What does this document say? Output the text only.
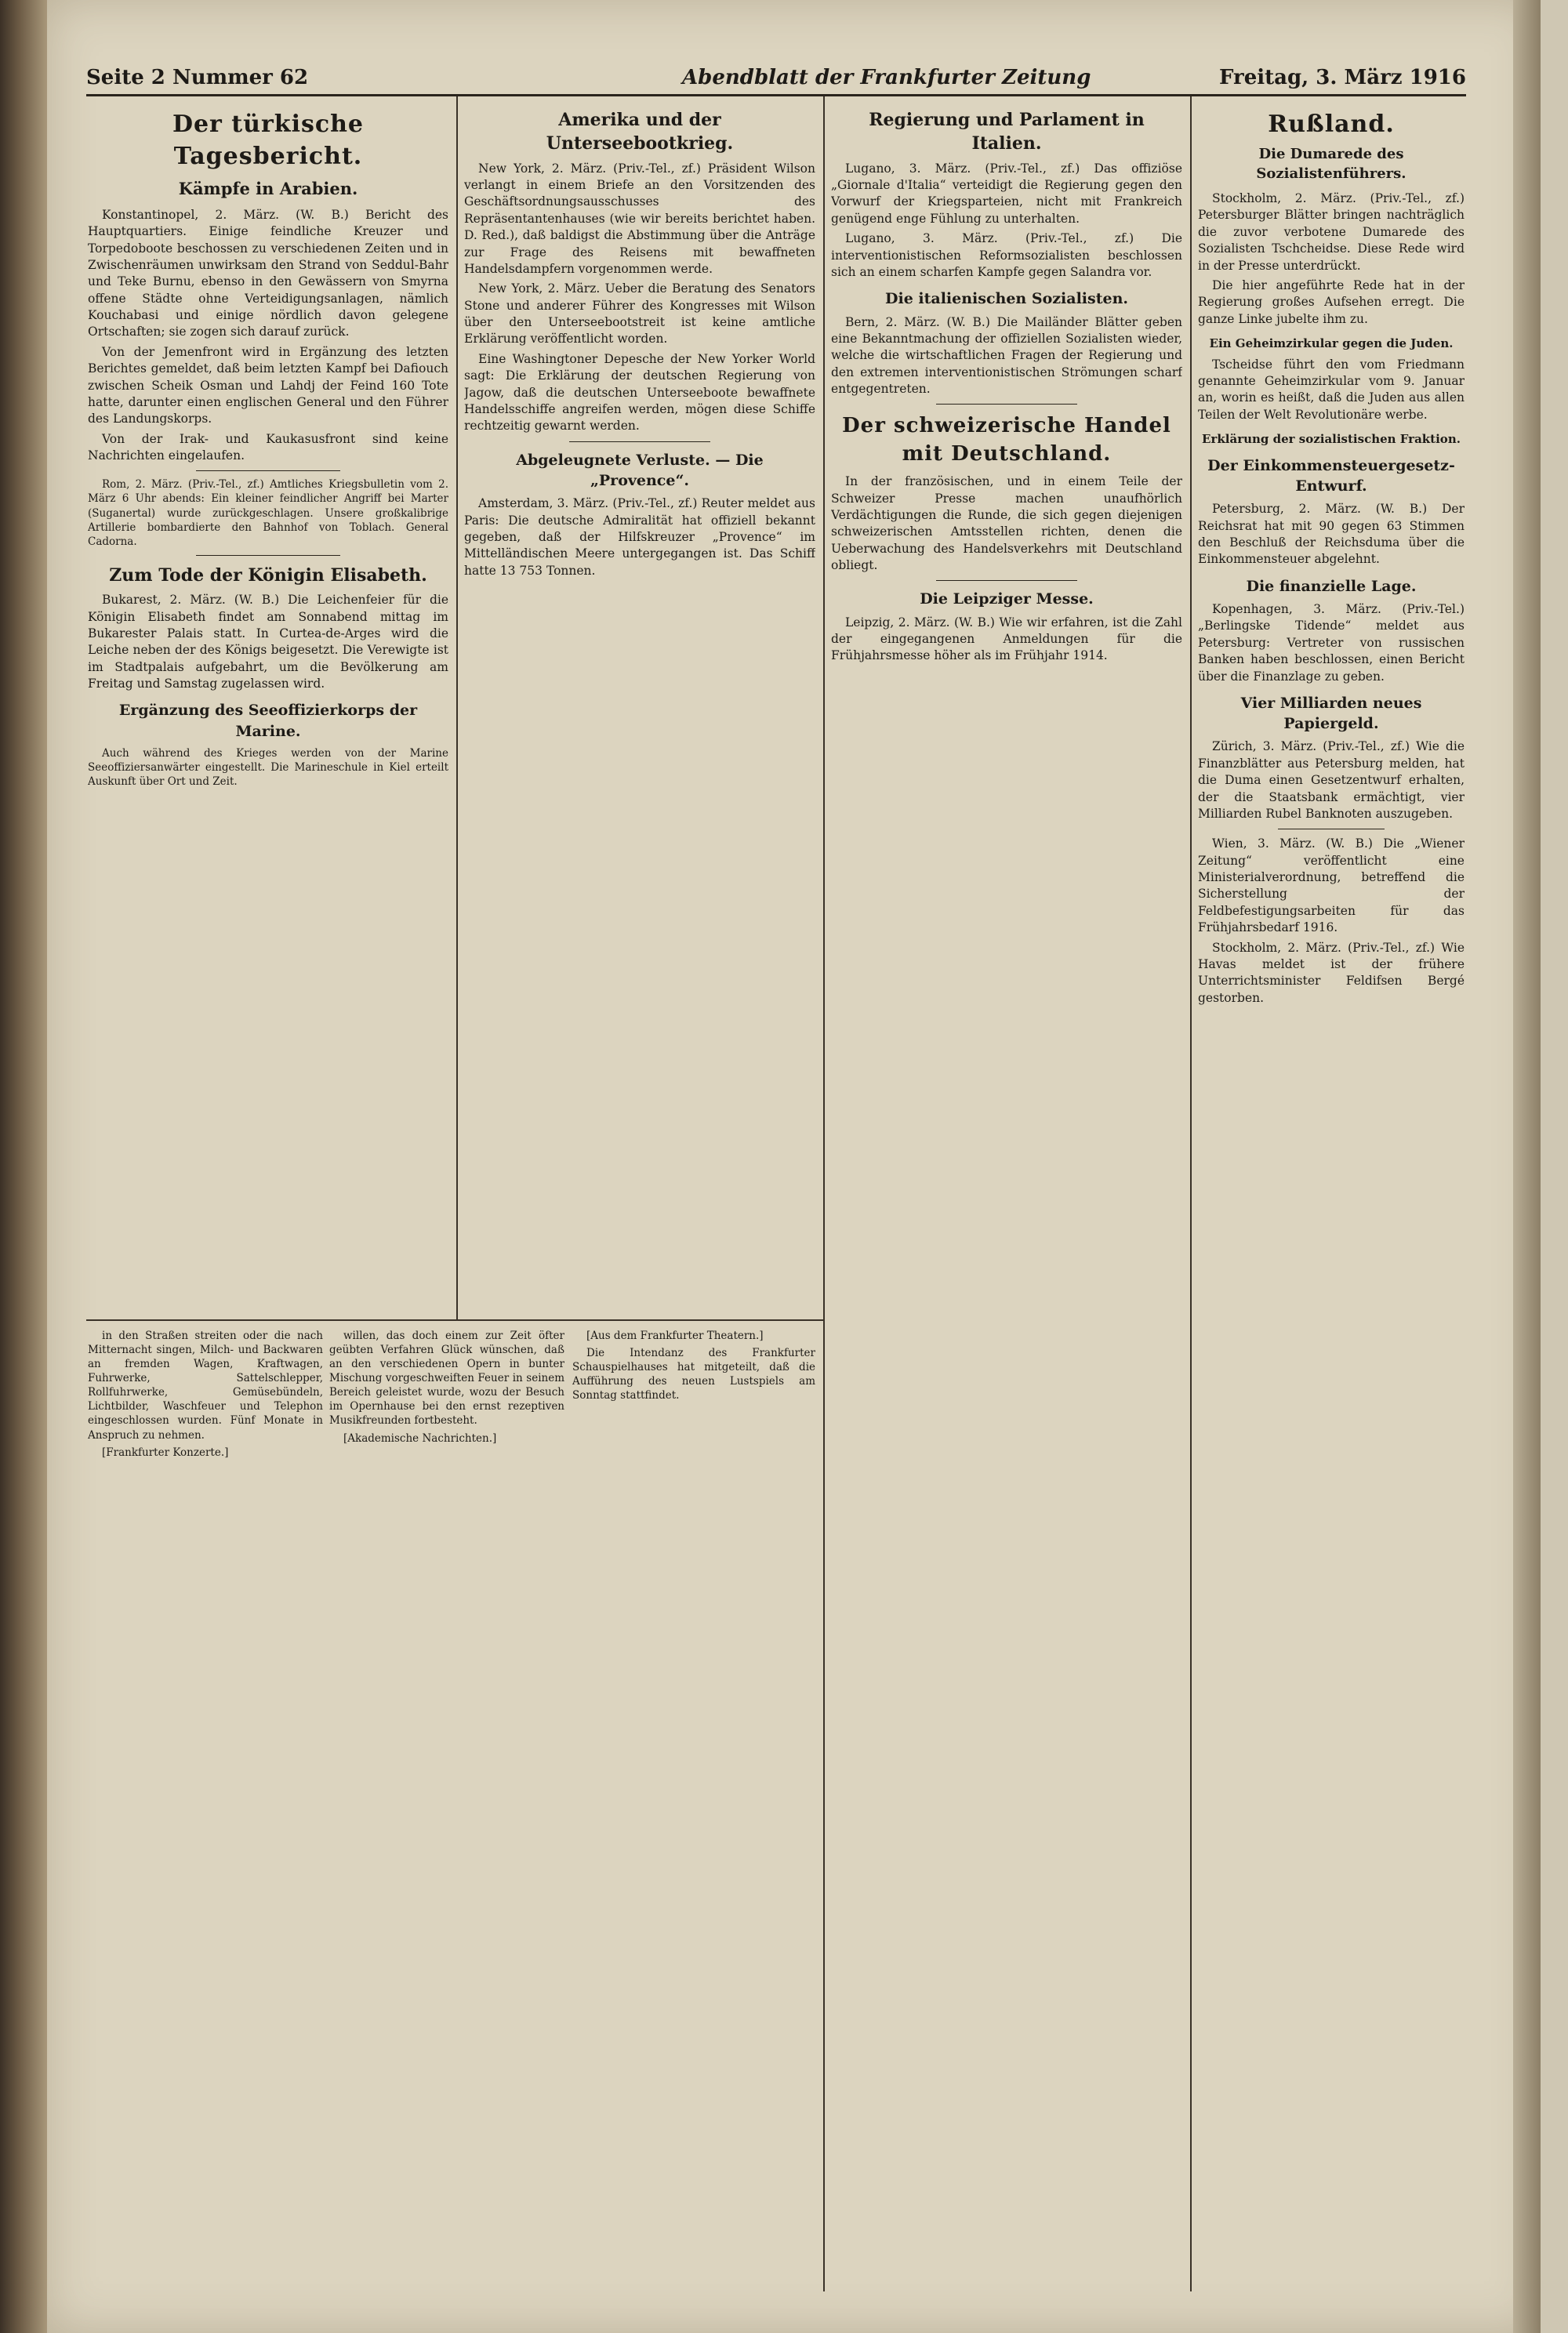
Seite 2 Nummer 62	Abendblatt der Frankfurter Zeitung	Freitag, 3. März 1916
Der türkische Tagesbericht.
Kämpfe in Arabien.

Konstantinopel, 2. März. (W. B.) Bericht des Hauptquartiers. Einige feindliche Kreuzer und Torpedoboote beschossen zu verschiedenen Zeiten und in Zwischenräumen unwirksam den Strand von Seddul-Bahr und Teke Burnu, ebenso in den Gewässern von Smyrna offene Städte ohne Verteidigungsanlagen, nämlich Kouchabasi und einige nördlich davon gelegene Ortschaften; sie zogen sich darauf zurück.

Von der Jemenfront wird in Ergänzung des letzten Berichtes gemeldet, daß beim letzten Kampf bei Dafiouch zwischen Scheik Osman und Lahdj der Feind 160 Tote hatte, darunter einen englischen General und den Führer des Landungskorps.

Von der Irak- und Kaukasusfront sind keine Nachrichten eingelaufen.

Rom, 2. März. (Priv.-Tel., zf.) Amtliches Kriegsbulletin vom 2. März 6 Uhr abends: Ein kleiner feindlicher Angriff bei Marter (Suganertal) wurde zurückgeschlagen. Unsere großkalibrige Artillerie bombardierte den Bahnhof von Toblach. General Cadorna.

Zum Tode der Königin Elisabeth.

Bukarest, 2. März. (W. B.) Die Leichenfeier für die Königin Elisabeth findet am Sonnabend mittag im Bukarester Palais statt. In Curtea-de-Arges wird die Leiche neben der des Königs beigesetzt. Die Verewigte ist im Stadtpalais aufgebahrt, um die Bevölkerung am Freitag und Samstag zugelassen wird.

Ergänzung des Seeoffizierkorps der Marine.

Auch während des Krieges werden von der Marine Seeoffiziersanwärter eingestellt. Die Marineschule in Kiel erteilt Auskunft über Ort und Zeit.

Amerika und der Unterseebootkrieg.

New York, 2. März. (Priv.-Tel., zf.) Präsident Wilson verlangt in einem Briefe an den Vorsitzenden des Geschäftsordnungsausschusses des Repräsentantenhauses (wie wir bereits berichtet haben. D. Red.), daß baldigst die Abstimmung über die Anträge zur Frage des Reisens mit bewaffneten Handelsdampfern vorgenommen werde.

New York, 2. März. Ueber die Beratung des Senators Stone und anderer Führer des Kongresses mit Wilson über den Unterseebootstreit ist keine amtliche Erklärung veröffentlicht worden.

Eine Washingtoner Depesche der New Yorker World sagt: Die Erklärung der deutschen Regierung von Jagow, daß die deutschen Unterseeboote bewaffnete Handelsschiffe angreifen werden, mögen diese Schiffe rechtzeitig gewarnt werden.

Abgeleugnete Verluste. — Die „Provence“.

Amsterdam, 3. März. (Priv.-Tel., zf.) Reuter meldet aus Paris: Die deutsche Admiralität hat offiziell bekannt gegeben, daß der Hilfskreuzer „Provence“ im Mittelländischen Meere untergegangen ist. Das Schiff hatte 13 753 Tonnen.

in den Straßen streiten oder die nach Mitternacht singen, Milch- und Backwaren an fremden Wagen, Kraftwagen, Fuhrwerke, Sattelschlepper, Rollfuhrwerke, Gemüsebündeln, Lichtbilder, Waschfeuer und Telephon eingeschlossen wurden. Fünf Monate in Anspruch zu nehmen.

[Frankfurter Konzerte.]

willen, das doch einem zur Zeit öfter geübten Verfahren Glück wünschen, daß an den verschiedenen Opern in bunter Mischung vorgeschweiften Feuer in seinem Bereich geleistet wurde, wozu der Besuch im Opernhause bei den ernst rezeptiven Musikfreunden fortbesteht.

[Akademische Nachrichten.]

[Aus dem Frankfurter Theatern.]

Die Intendanz des Frankfurter Schauspielhauses hat mitgeteilt, daß die Aufführung des neuen Lustspiels am Sonntag stattfindet.

Regierung und Parlament in Italien.

Lugano, 3. März. (Priv.-Tel., zf.) Das offiziöse „Giornale d'Italia“ verteidigt die Regierung gegen den Vorwurf der Kriegsparteien, nicht mit Frankreich genügend enge Fühlung zu unterhalten.

Lugano, 3. März. (Priv.-Tel., zf.) Die interventionistischen Reformsozialisten beschlossen sich an einem scharfen Kampfe gegen Salandra vor.

Die italienischen Sozialisten.

Bern, 2. März. (W. B.) Die Mailänder Blätter geben eine Bekanntmachung der offiziellen Sozialisten wieder, welche die wirtschaftlichen Fragen der Regierung und den extremen interventionistischen Strömungen scharf entgegentreten.

Der schweizerische Handel mit Deutschland.

In der französischen, und in einem Teile der Schweizer Presse machen unaufhörlich Verdächtigungen die Runde, die sich gegen diejenigen schweizerischen Amtsstellen richten, denen die Ueberwachung des Handelsverkehrs mit Deutschland obliegt.

Die Leipziger Messe.

Leipzig, 2. März. (W. B.) Wie wir erfahren, ist die Zahl der eingegangenen Anmeldungen für die Frühjahrsmesse höher als im Frühjahr 1914.

Rußland.
Die Dumarede des Sozialistenführers.

Stockholm, 2. März. (Priv.-Tel., zf.) Petersburger Blätter bringen nachträglich die zuvor verbotene Dumarede des Sozialisten Tschcheidse. Diese Rede wird in der Presse unterdrückt.

Die hier angeführte Rede hat in der Regierung großes Aufsehen erregt. Die ganze Linke jubelte ihm zu.

Ein Geheimzirkular gegen die Juden.

Tscheidse führt den vom Friedmann genannte Geheimzirkular vom 9. Januar an, worin es heißt, daß die Juden aus allen Teilen der Welt Revolutionäre werbe.

Erklärung der sozialistischen Fraktion.
Der Einkommensteuergesetz-Entwurf.

Petersburg, 2. März. (W. B.) Der Reichsrat hat mit 90 gegen 63 Stimmen den Beschluß der Reichsduma über die Einkommensteuer abgelehnt.

Die finanzielle Lage.

Kopenhagen, 3. März. (Priv.-Tel.) „Berlingske Tidende“ meldet aus Petersburg: Vertreter von russischen Banken haben beschlossen, einen Bericht über die Finanzlage zu geben.

Vier Milliarden neues Papiergeld.

Zürich, 3. März. (Priv.-Tel., zf.) Wie die Finanzblätter aus Petersburg melden, hat die Duma einen Gesetzentwurf erhalten, der die Staatsbank ermächtigt, vier Milliarden Rubel Banknoten auszugeben.

Wien, 3. März. (W. B.) Die „Wiener Zeitung“ veröffentlicht eine Ministerialverordnung, betreffend die Sicherstellung der Feldbefestigungsarbeiten für das Frühjahrsbedarf 1916.

Stockholm, 2. März. (Priv.-Tel., zf.) Wie Havas meldet ist der frühere Unterrichtsminister Feldifsen Bergé gestorben.
